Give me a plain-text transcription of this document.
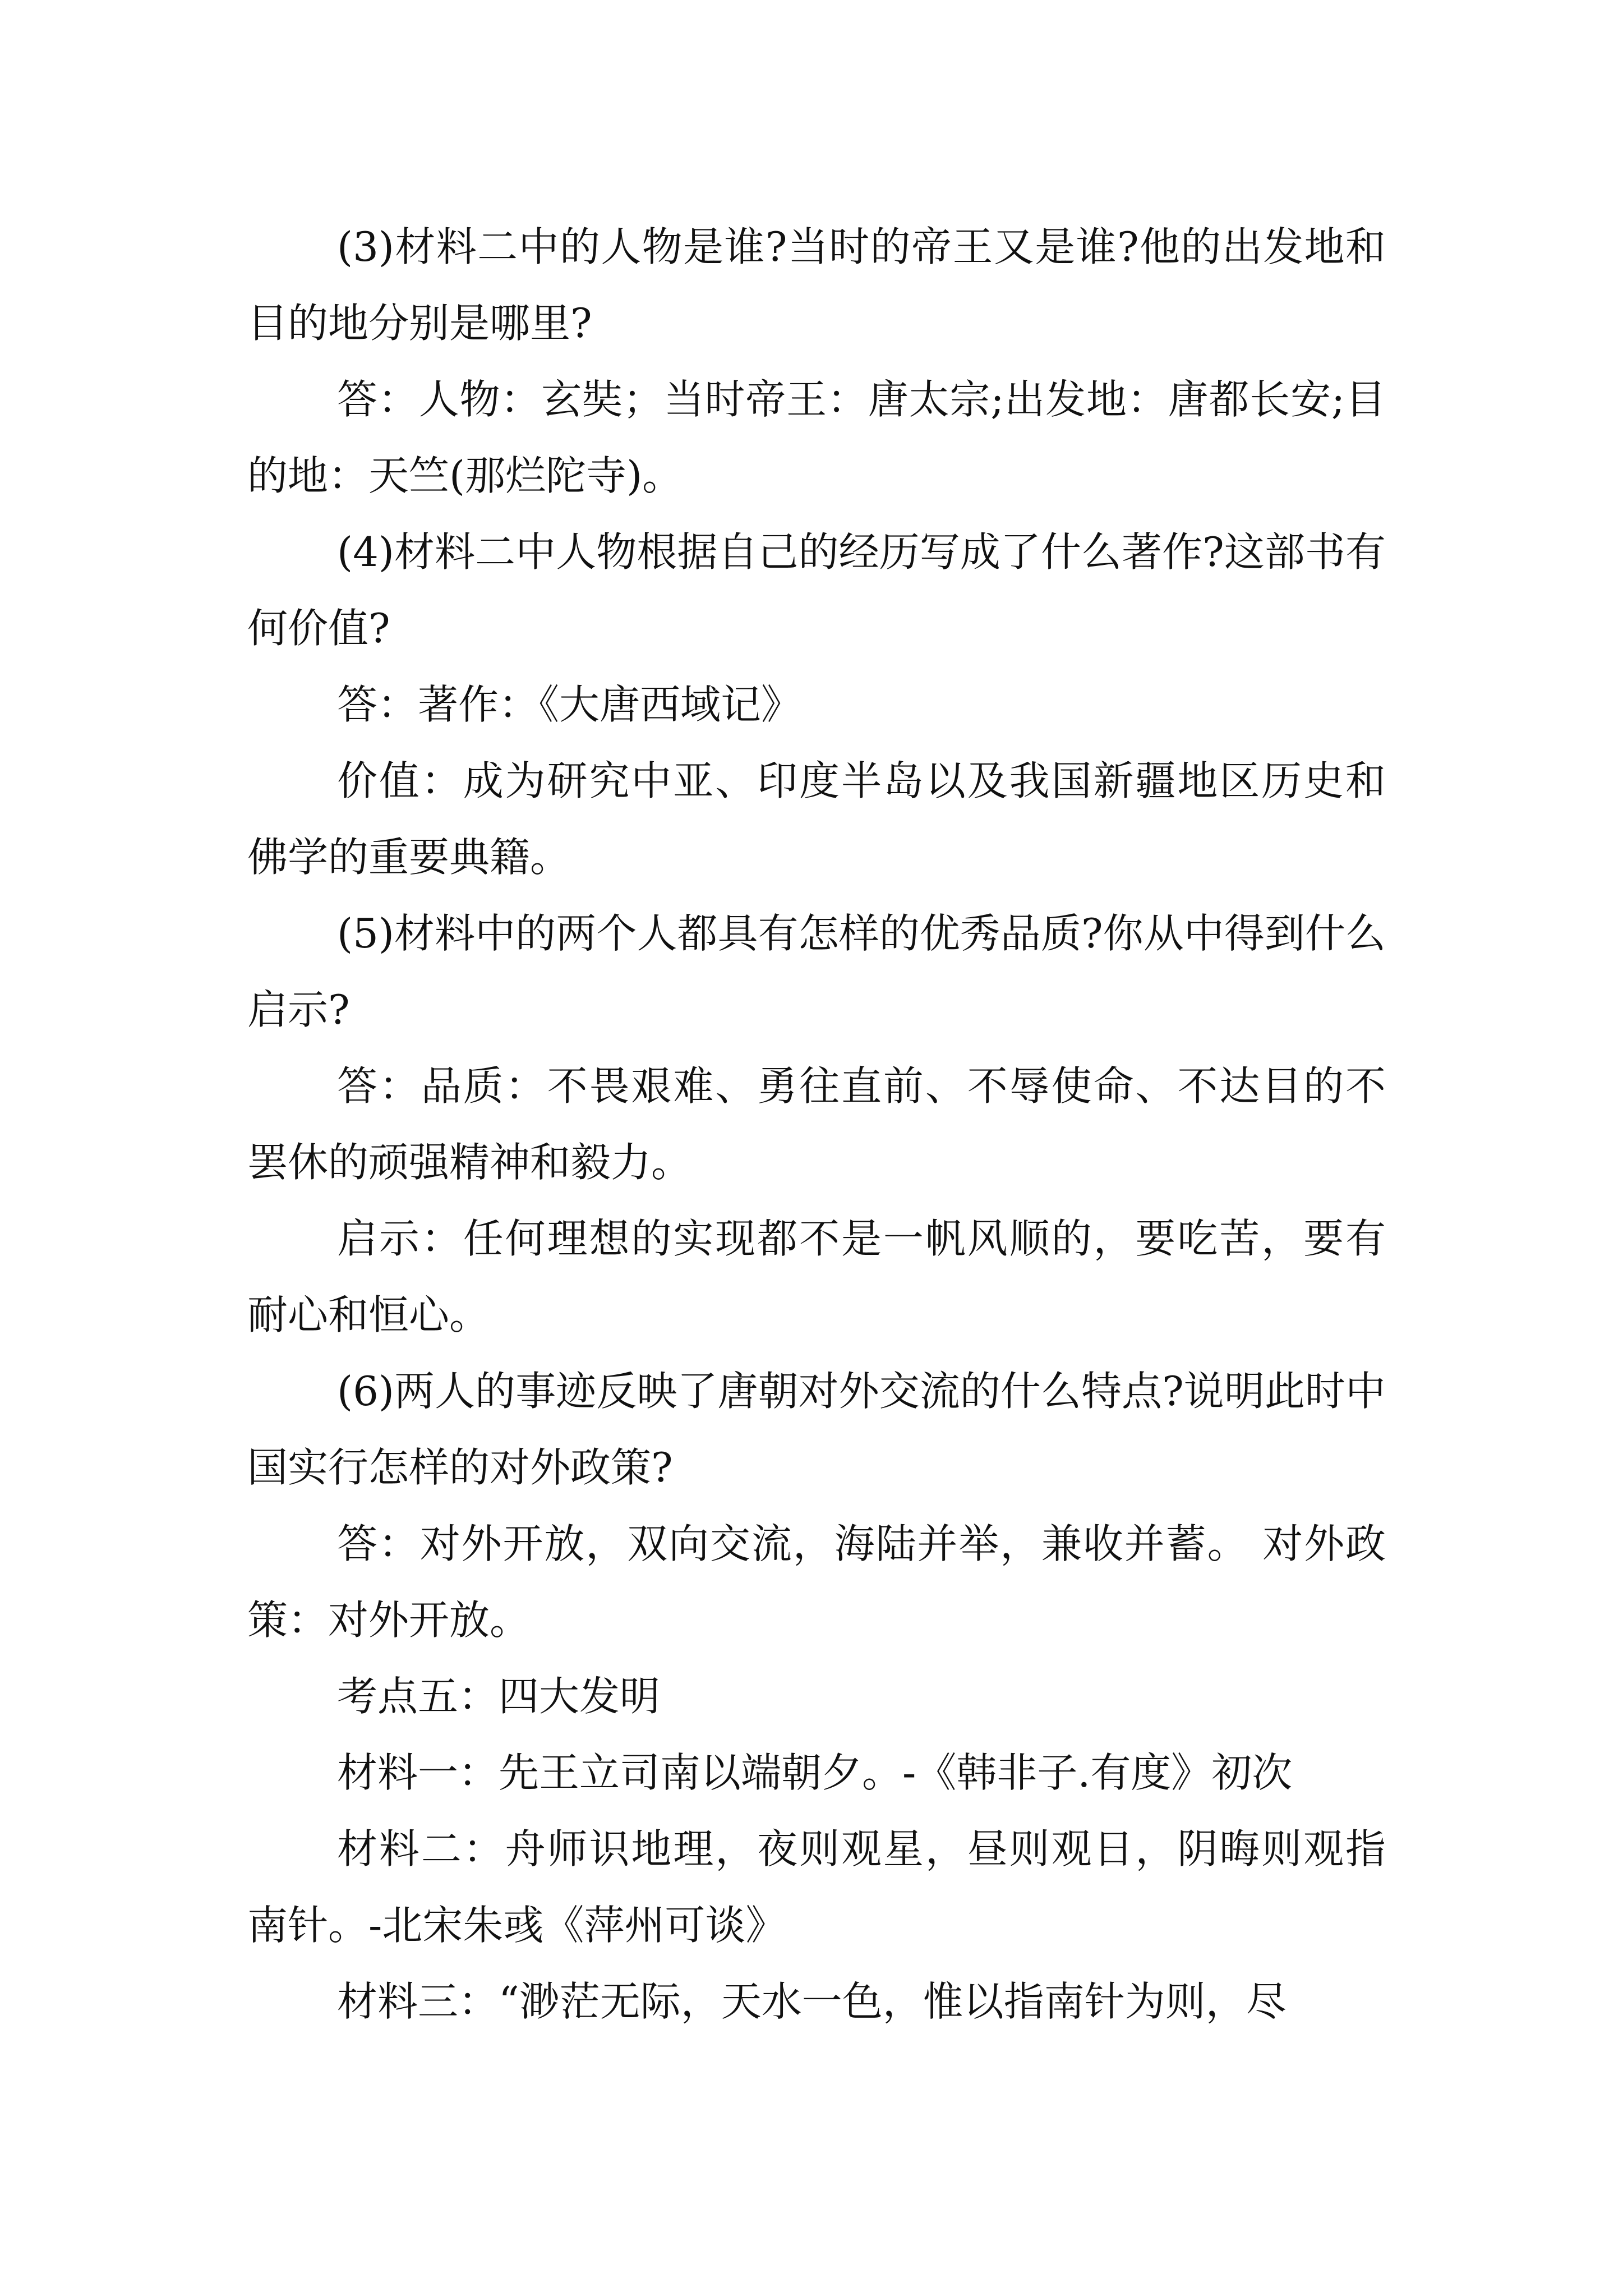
(3)材料二中的人物是谁?当时的帝王又是谁?他的出发地和目的地分别是哪里?

答：人物：玄奘；当时帝王：唐太宗;出发地：唐都长安;目的地：天竺(那烂陀寺)。

(4)材料二中人物根据自己的经历写成了什么著作?这部书有何价值?

答：著作：《大唐西域记》

价值：成为研究中亚、印度半岛以及我国新疆地区历史和佛学的重要典籍。

(5)材料中的两个人都具有怎样的优秀品质?你从中得到什么启示?

答：品质：不畏艰难、勇往直前、不辱使命、不达目的不罢休的顽强精神和毅力。

启示：任何理想的实现都不是一帆风顺的，要吃苦，要有耐心和恒心。

(6)两人的事迹反映了唐朝对外交流的什么特点?说明此时中国实行怎样的对外政策?

答：对外开放，双向交流，海陆并举，兼收并蓄。 对外政策：对外开放。

考点五：四大发明

材料一：先王立司南以端朝夕。-《韩非子.有度》初次

材料二：舟师识地理，夜则观星，昼则观日，阴晦则观指南针。-北宋朱彧《萍州可谈》

材料三：“渺茫无际，天水一色，惟以指南针为则，尽
